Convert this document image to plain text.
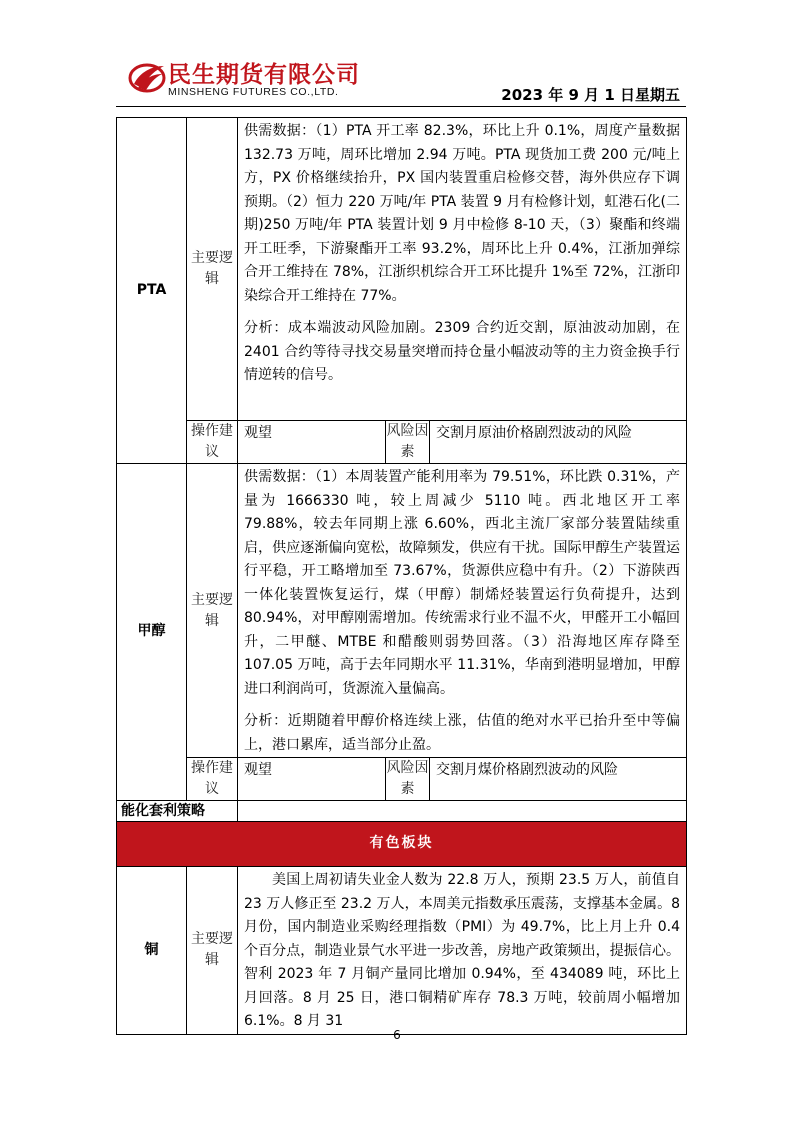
民生期货有限公司
MINSHENG FUTURES CO.,LTD.	2023 年 9 月 1 日星期五
PTA	主要逻辑	供需数据：（1）PTA 开工率 82.3%，环比上升 0.1%，周度产量数据 132.73 万吨，周环比增加 2.94 万吨。PTA 现货加工费 200 元/吨上方，PX 价格继续抬升，PX 国内装置重启检修交替，海外供应存下调预期。（2）恒力 220 万吨/年 PTA 装置 9 月有检修计划，虹港石化(二期)250 万吨/年 PTA 装置计划 9 月中检修 8-10 天，（3）聚酯和终端开工旺季，下游聚酯开工率 93.2%，周环比上升 0.4%，江浙加弹综合开工维持在 78%，江浙织机综合开工环比提升 1%至 72%，江浙印染综合开工维持在 77%。

分析：成本端波动风险加剧。2309 合约近交割，原油波动加剧，在 2401 合约等待寻找交易量突增而持仓量小幅波动等的主力资金换手行情逆转的信号。		

	操作建议	观望	风险因素	交割月原油价格剧烈波动的风险
甲醇	主要逻辑	供需数据：（1）本周装置产能利用率为 79.51%，环比跌 0.31%，产量为 1666330 吨，较上周减少 5110 吨。西北地区开工率 79.88%，较去年同期上涨 6.60%，西北主流厂家部分装置陆续重启，供应逐渐偏向宽松，故障频发，供应有干扰。国际甲醇生产装置运行平稳，开工略增加至 73.67%，货源供应稳中有升。（2）下游陕西一体化装置恢复运行，煤（甲醇）制烯烃装置运行负荷提升，达到 80.94%，对甲醇刚需增加。传统需求行业不温不火，甲醛开工小幅回升，二甲醚、MTBE 和醋酸则弱势回落。（3）沿海地区库存降至 107.05 万吨，高于去年同期水平 11.31%，华南到港明显增加，甲醇进口利润尚可，货源流入量偏高。

分析：近期随着甲醇价格连续上涨，估值的绝对水平已抬升至中等偏上，港口累库，适当部分止盈。		

	操作建议	观望	风险因素	交割月煤价格剧烈波动的风险
能化套利策略				
有色板块				
铜	主要逻辑	美国上周初请失业金人数为 22.8 万人，预期 23.5 万人，前值自 23 万人修正至 23.2 万人，本周美元指数承压震荡，支撑基本金属。8 月份，国内制造业采购经理指数（PMI）为 49.7%，比上月上升 0.4 个百分点，制造业景气水平进一步改善，房地产政策频出，提振信心。智利 2023 年 7 月铜产量同比增加 0.94%，至 434089 吨，环比上月回落。8 月 25 日，港口铜精矿库存 78.3 万吨，较前周小幅增加 6.1%。8 月 31		
6
